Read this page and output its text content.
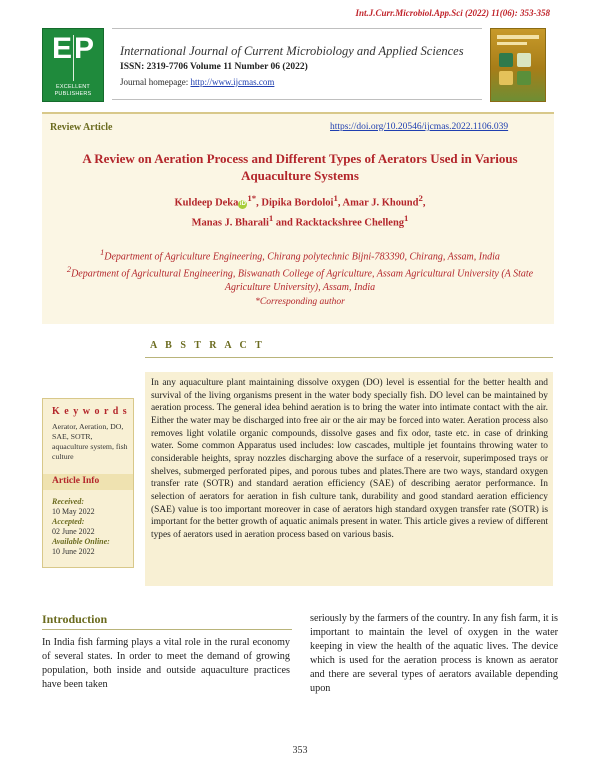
Int.J.Curr.Microbiol.App.Sci (2022) 11(06): 353-358
EP
EXCELLENT
PUBLISHERS
International Journal of Current Microbiology and Applied Sciences
ISSN: 2319-7706 Volume 11 Number 06 (2022)
Journal homepage: http://www.ijcmas.com
Review Article	https://doi.org/10.20546/ijcmas.2022.1106.039
A Review on Aeration Process and Different Types of Aerators Used in Various Aquaculture Systems
Kuldeep Deka $iD^{1*}$, Dipika Bordoloi$^1$, Amar J. Khound$^2$,
Manas J. Bharali$^1$ and Racktackshree Chelleng$^1$
$^1$Department of Agriculture Engineering, Chirang polytechnic Bijni-783390, Chirang, Assam, India
$^2$Department of Agricultural Engineering, Biswanath College of Agriculture, Assam Agricultural University (A State Agriculture University), Assam, India
*Corresponding author
A B S T R A C T
In any aquaculture plant maintaining dissolve oxygen (DO) level is essential for the better health and survival of the living organisms present in the water body specially fish. DO level can be maintained by aeration process. The general idea behind aeration is to bring the water into intimate contact with the air. Either the water may be discharged into free air or the air may be forced into water. Aeration process also removes light volatile organic compounds, dissolve gases and fix odor, taste etc. in case of drinking water. Some common Apparatus used includes: low cascades, multiple jet fountains throwing water to considerable heights, spray nozzles discharging above the surface of a reservoir, superimposed trays or shelves, submerged perforated pipes, and porous tubes and plates.There are two ways, standard oxygen transfer rate (SOTR) and standard aeration efficiency (SAE) of describing aerator performance. In selection of aerators for aeration in fish culture tank, durability and good standard aeration efficiency (SAE) value is too important moreover in case of aerators high standard oxygen transfer rate (SOTR) is important for the better growth of aquatic animals present in water. This article gives a review of different types of aerators used in aeration process based on various basis.
K e y w o r d s
Aerator, Aeration, DO, SAE, SOTR, aquaculture system, fish culture
Article Info
Received:
10 May 2022
Accepted:
02 June 2022
Available Online:
10 June 2022
Introduction
In India fish farming plays a vital role in the rural economy of several states. In order to meet the demand of growing population, both inside and outside aquaculture practices have been taken
seriously by the farmers of the country. In any fish farm, it is important to maintain the level of oxygen in the water keeping in view the health of the aquatic lives. The device which is used for the aeration process is known as aerator and there are several types of aerators available depending upon
353
